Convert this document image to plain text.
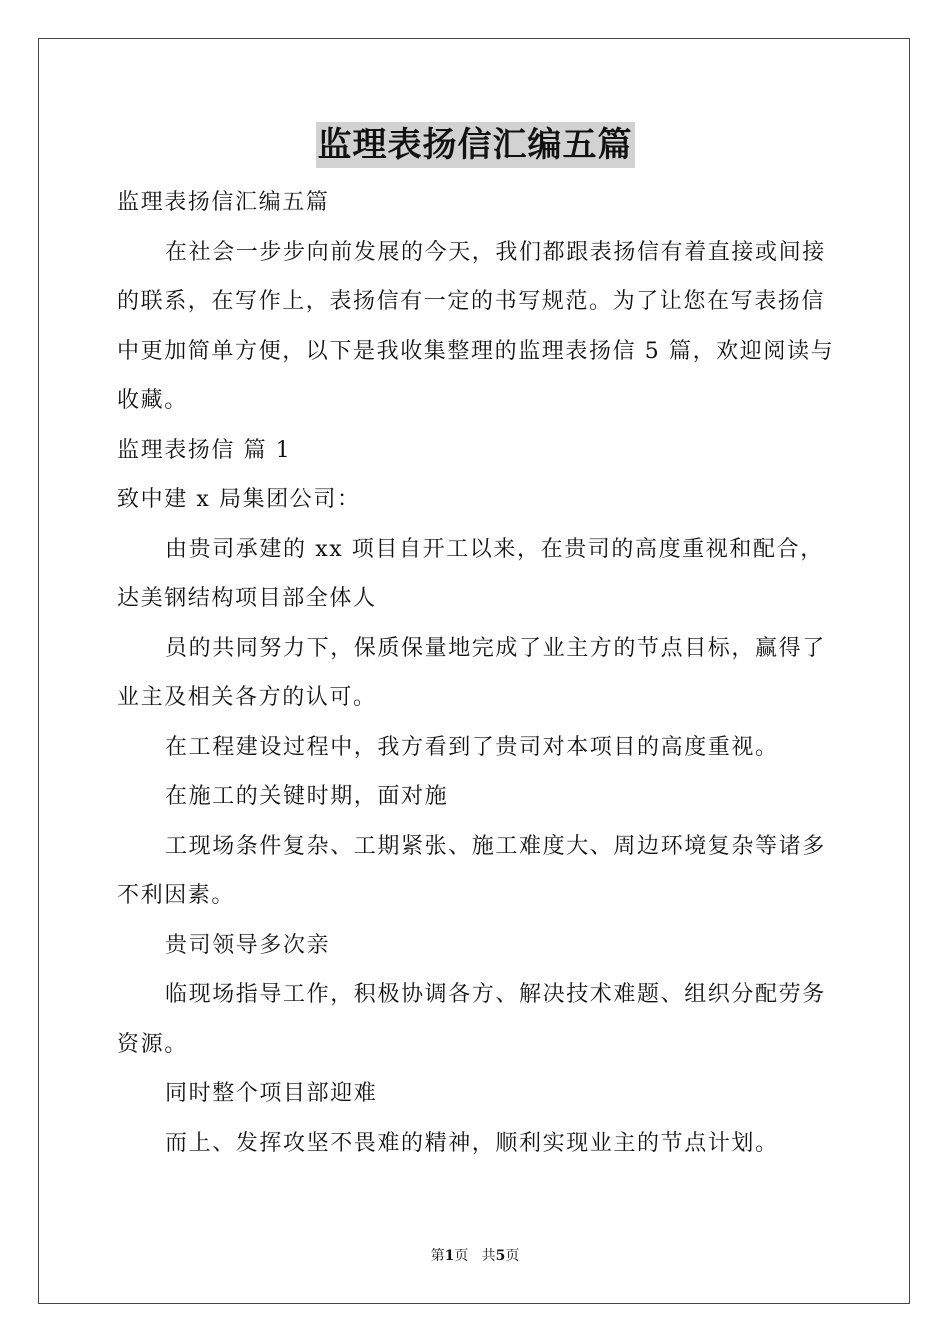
监理表扬信汇编五篇

监理表扬信汇编五篇

在社会一步步向前发展的今天，我们都跟表扬信有着直接或间接

的联系，在写作上，表扬信有一定的书写规范。为了让您在写表扬信

中更加简单方便，以下是我收集整理的监理表扬信 5 篇，欢迎阅读与

收藏。

监理表扬信 篇 1

致中建 x 局集团公司：

由贵司承建的 xx 项目自开工以来，在贵司的高度重视和配合，

达美钢结构项目部全体人

员的共同努力下，保质保量地完成了业主方的节点目标，赢得了

业主及相关各方的认可。

在工程建设过程中，我方看到了贵司对本项目的高度重视。

在施工的关键时期，面对施

工现场条件复杂、工期紧张、施工难度大、周边环境复杂等诸多

不利因素。

贵司领导多次亲

临现场指导工作，积极协调各方、解决技术难题、组织分配劳务

资源。

同时整个项目部迎难

而上、发挥攻坚不畏难的精神，顺利实现业主的节点计划。

第1页 共5页
